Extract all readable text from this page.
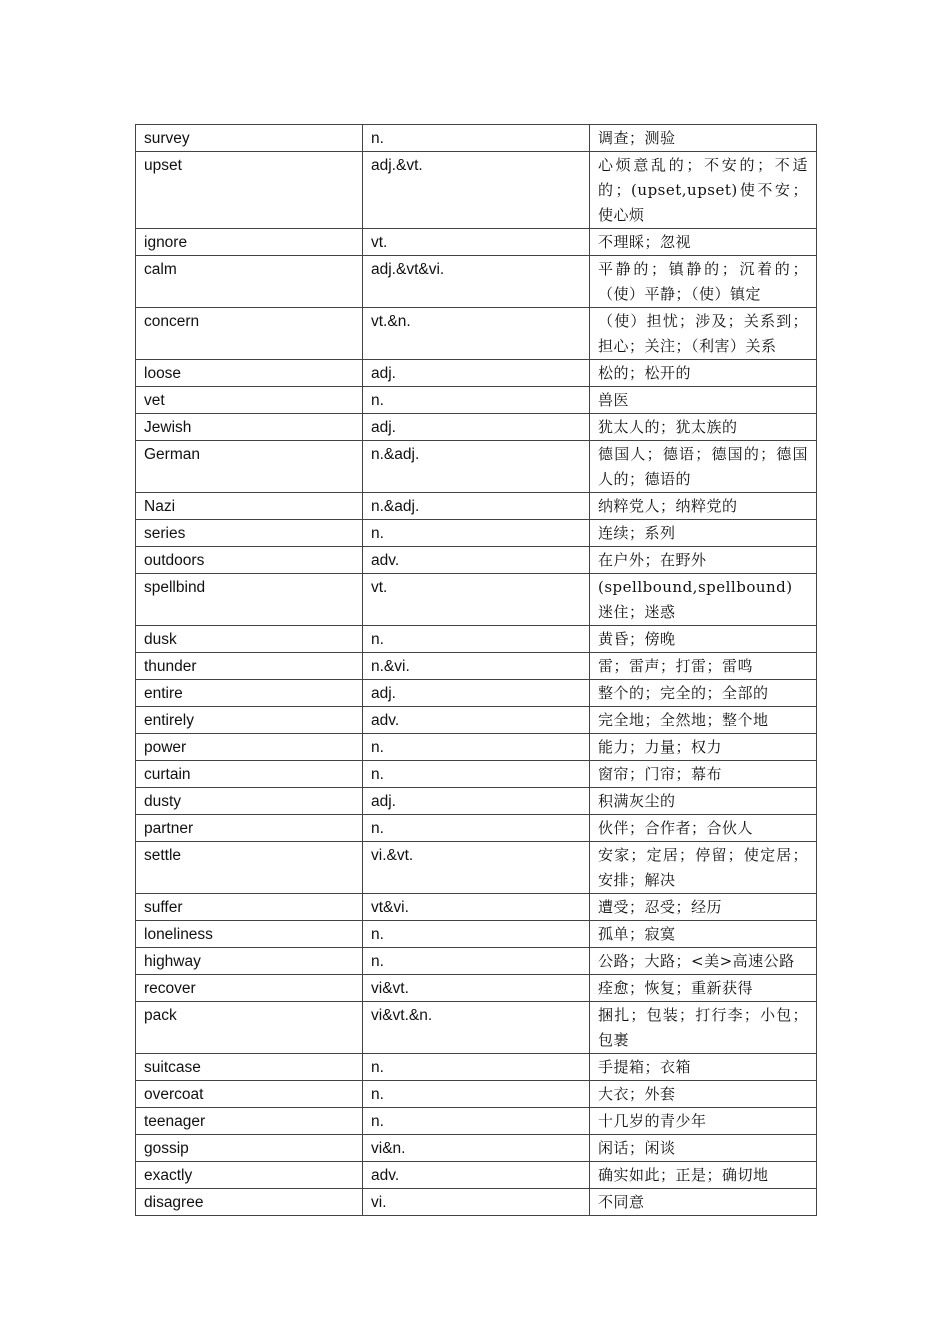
survey	n.	调查；测验
upset	adj.&vt.	心烦意乱的；不安的；不适的；(upset,upset)使不安；使心烦
ignore	vt.	不理睬；忽视
calm	adj.&vt&vi.	平静的；镇静的；沉着的；（使）平静；（使）镇定
concern	vt.&n.	（使）担忧；涉及；关系到；担心；关注；（利害）关系
loose	adj.	松的；松开的
vet	n.	兽医
Jewish	adj.	犹太人的；犹太族的
German	n.&adj.	德国人；德语；德国的；德国人的；德语的
Nazi	n.&adj.	纳粹党人；纳粹党的
series	n.	连续；系列
outdoors	adv.	在户外；在野外
spellbind	vt.	(spellbound,spellbound)　迷住；迷惑
dusk	n.	黄昏；傍晚
thunder	n.&vi.	雷；雷声；打雷；雷鸣
entire	adj.	整个的；完全的；全部的
entirely	adv.	完全地；全然地；整个地
power	n.	能力；力量；权力
curtain	n.	窗帘；门帘；幕布
dusty	adj.	积满灰尘的
partner	n.	伙伴；合作者；合伙人
settle	vi.&vt.	安家；定居；停留；使定居；安排；解决
suffer	vt&vi.	遭受；忍受；经历
loneliness	n.	孤单；寂寞
highway	n.	公路；大路；<美>高速公路
recover	vi&vt.	痊愈；恢复；重新获得
pack	vi&vt.&n.	捆扎；包装；打行李；小包；包裹
suitcase	n.	手提箱；衣箱
overcoat	n.	大衣；外套
teenager	n.	十几岁的青少年
gossip	vi&n.	闲话；闲谈
exactly	adv.	确实如此；正是；确切地
disagree	vi.	不同意
